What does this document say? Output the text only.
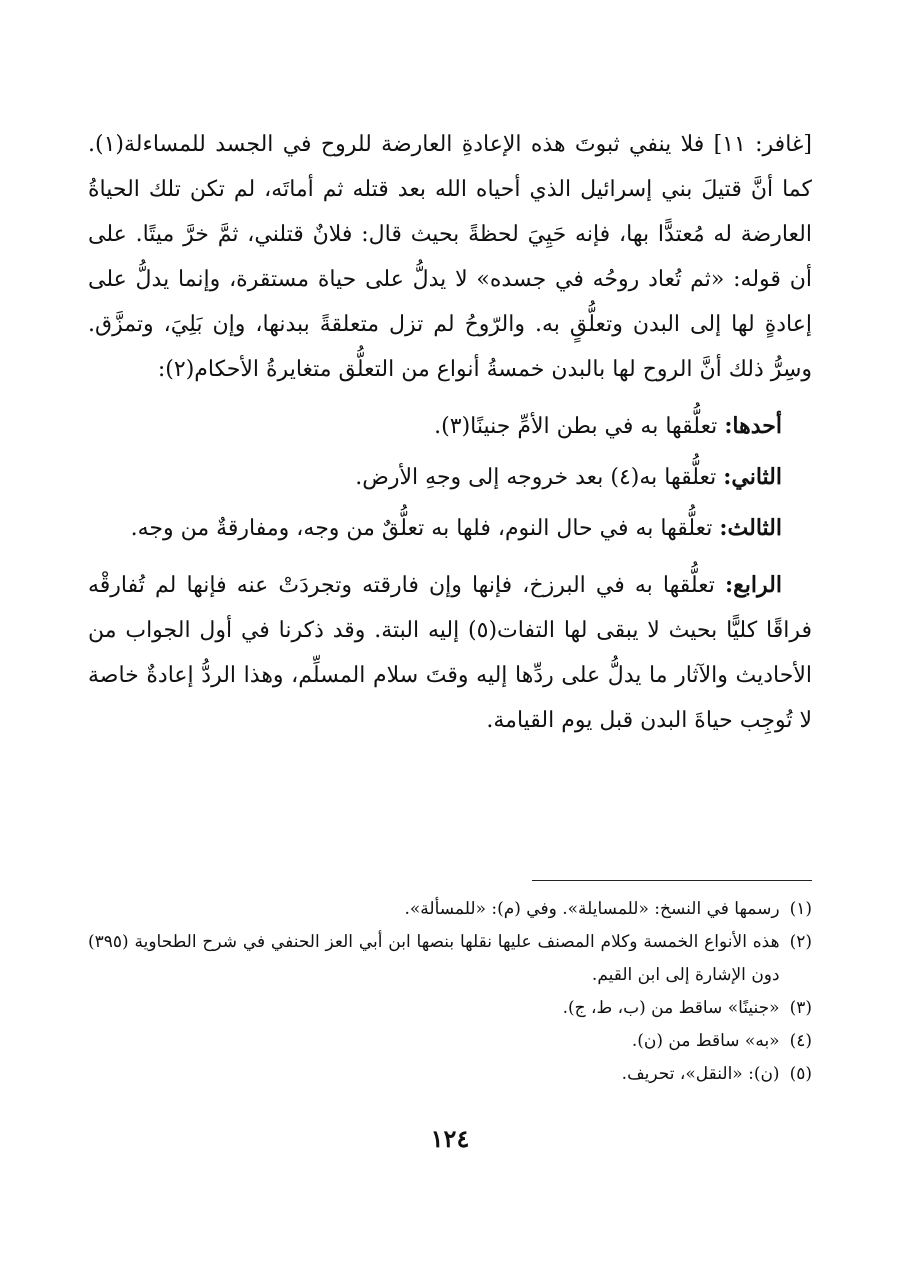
[غافر: ١١] فلا ينفي ثبوتَ هذه الإعادةِ العارضة للروح في الجسد للمساءلة(١). كما أنَّ قتيلَ بني إسرائيل الذي أحياه الله بعد قتله ثم أماتَه، لم تكن تلك الحياةُ العارضة له مُعتدًّا بها، فإنه حَيِيَ لحظةً بحيث قال: فلانٌ قتلني، ثمَّ خرَّ ميتًا. على أن قوله: «ثم تُعاد روحُه في جسده» لا يدلُّ على حياة مستقرة، وإنما يدلُّ على إعادةٍ لها إلى البدن وتعلُّقٍ به. والرّوحُ لم تزل متعلقةً ببدنها، وإن بَلِيَ، وتمزَّق. وسِرُّ ذلك أنَّ الروح لها بالبدن خمسةُ أنواع من التعلُّق متغايرةُ الأحكام(٢):

أحدها: تعلُّقها به في بطن الأمِّ جنينًا(٣).

الثاني: تعلُّقها به(٤) بعد خروجه إلى وجهِ الأرض.

الثالث: تعلُّقها به في حال النوم، فلها به تعلُّقٌ من وجه، ومفارقةٌ من وجه.

الرابع: تعلُّقها به في البرزخ، فإنها وإن فارقته وتجردَتْ عنه فإنها لم تُفارقْه فراقًا كليًّا بحيث لا يبقى لها التفات(٥) إليه البتة. وقد ذكرنا في أول الجواب من الأحاديث والآثار ما يدلُّ على ردِّها إليه وقتَ سلام المسلِّم، وهذا الردُّ إعادةٌ خاصة لا تُوجِب حياةَ البدن قبل يوم القيامة.

(١)
رسمها في النسخ: «للمسايلة». وفي (م): «للمسألة».
(٢)
هذه الأنواع الخمسة وكلام المصنف عليها نقلها بنصها ابن أبي العز الحنفي في شرح الطحاوية (٣٩٥) دون الإشارة إلى ابن القيم.
(٣)
«جنينًا» ساقط من (ب، ط، ج).
(٤)
«به» ساقط من (ن).
(٥)
(ن): «النقل»، تحريف.
١٢٤
